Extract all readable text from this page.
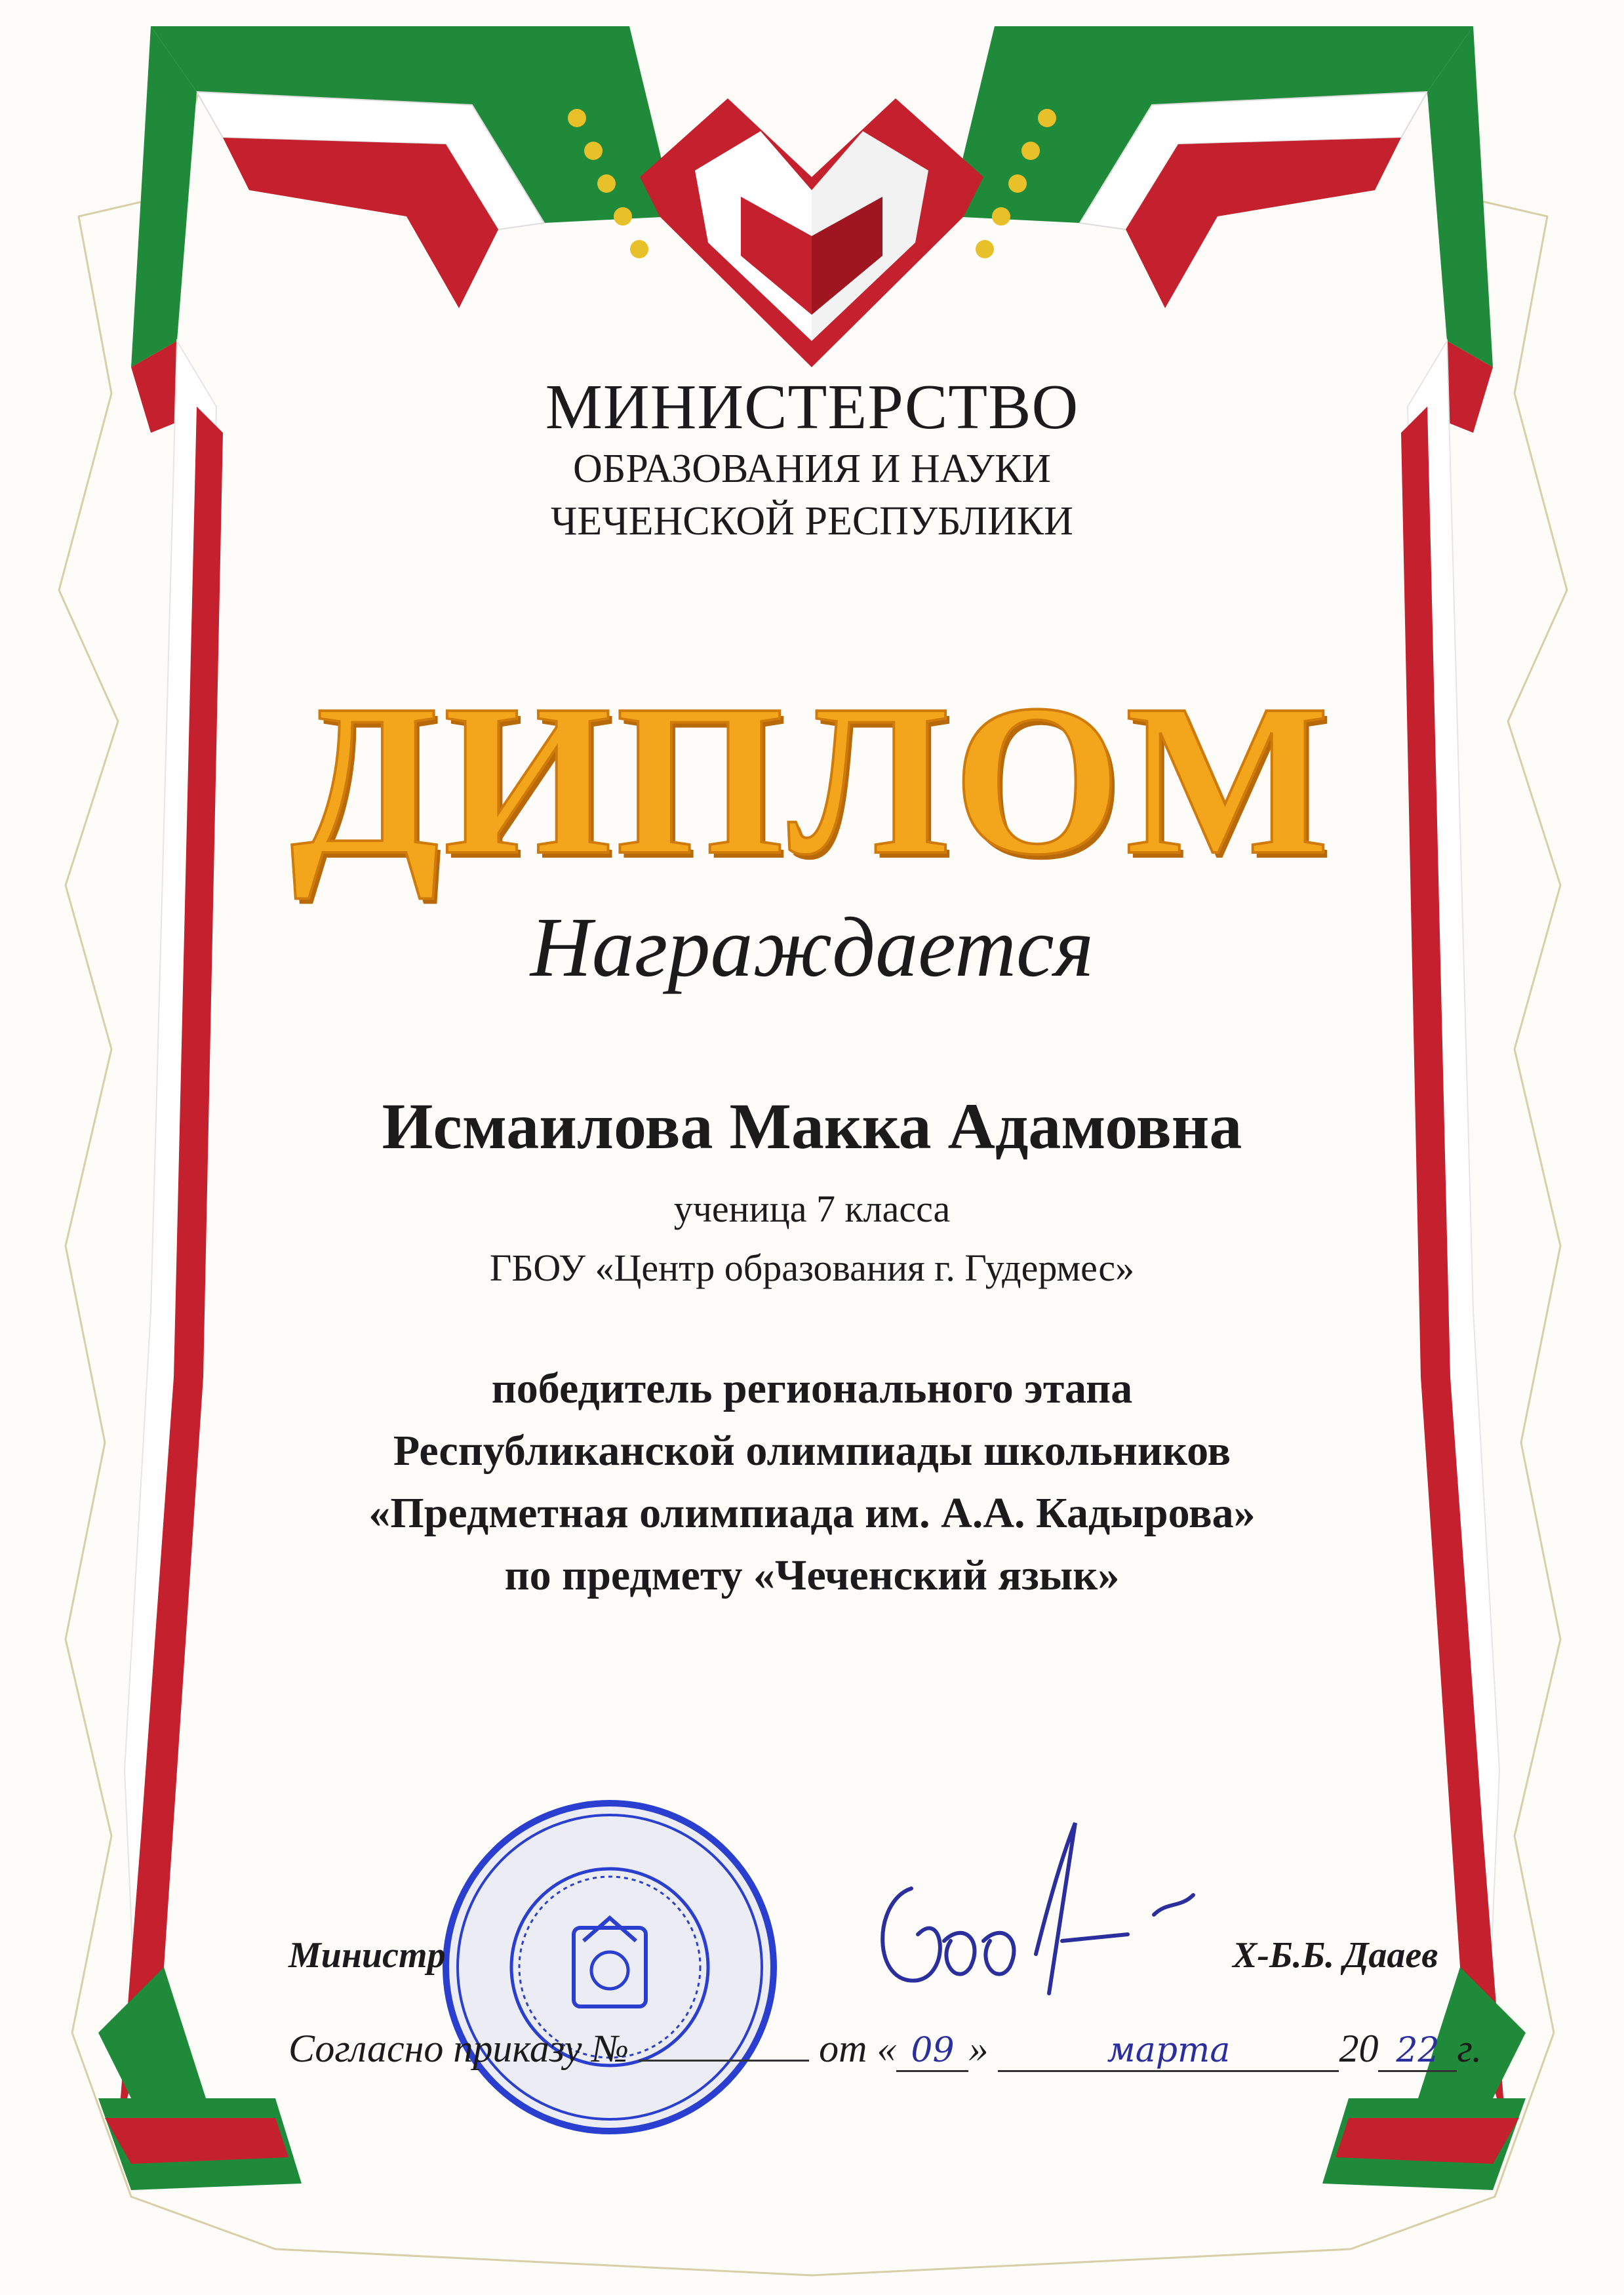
МИНИСТЕРСТВО
ОБРАЗОВАНИЯ И НАУКИ
ЧЕЧЕНСКОЙ РЕСПУБЛИКИ
ДИПЛОМ
Награждается
Исмаилова Макка Адамовна
ученица 7 класса
ГБОУ «Центр образования г. Гудермес»
победитель регионального этапа
Республиканской олимпиады школьников
«Предметная олимпиада им. А.А. Кадырова»
по предмету «Чеченский язык»
Министр	Х-Б.Б. Дааев
Согласно приказу №	от « 09 »	марта	20 22 г.
